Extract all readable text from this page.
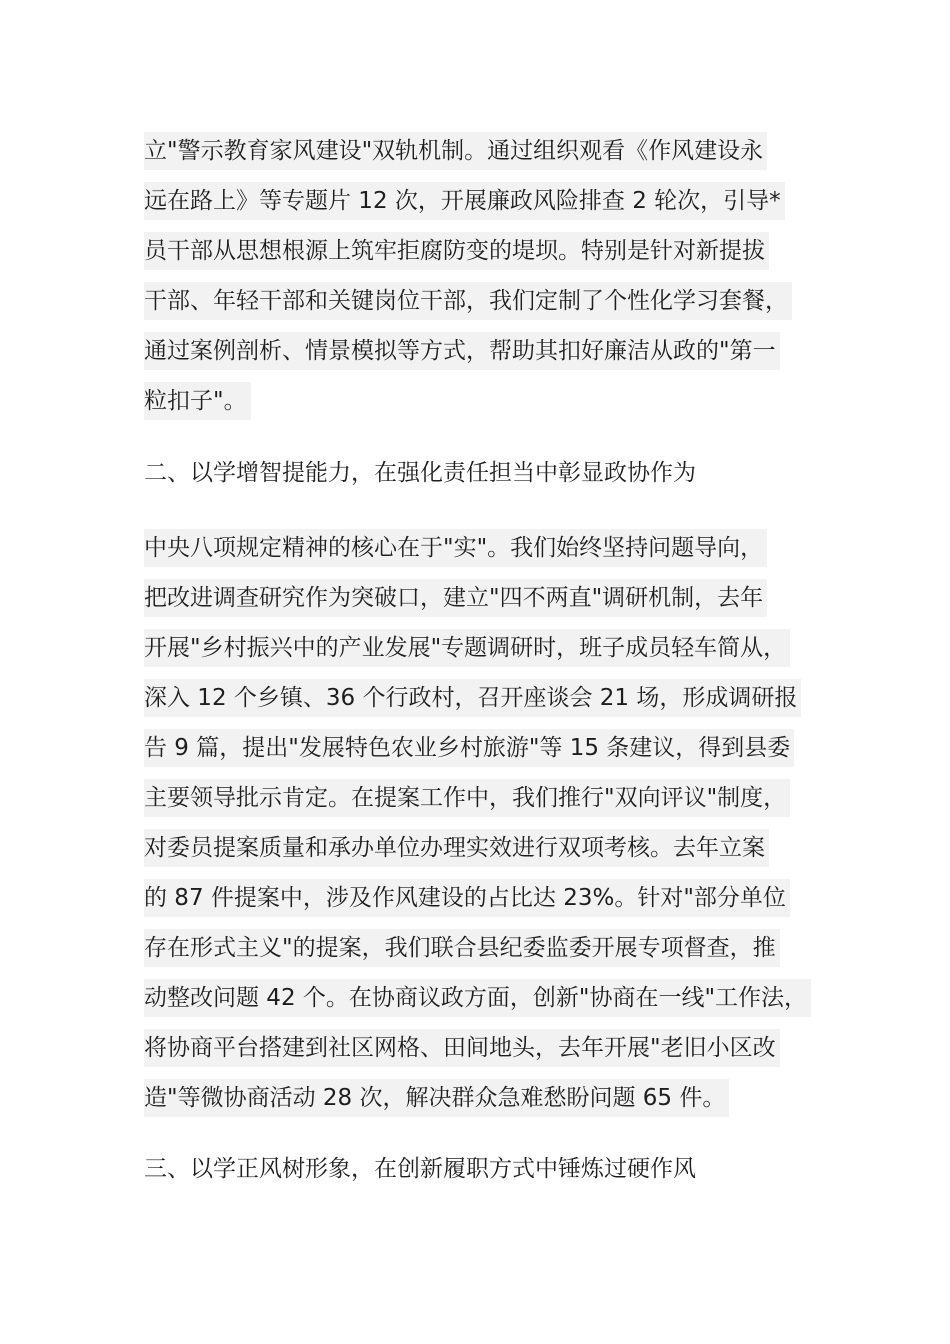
立"警示教育家风建设"双轨机制。通过组织观看《作风建设永
远在路上》等专题片 12 次，开展廉政风险排查 2 轮次，引导*
员干部从思想根源上筑牢拒腐防变的堤坝。特别是针对新提拔
干部、年轻干部和关键岗位干部，我们定制了个性化学习套餐，
通过案例剖析、情景模拟等方式，帮助其扣好廉洁从政的"第一
粒扣子"。
二、以学增智提能力，在强化责任担当中彰显政协作为
中央八项规定精神的核心在于"实"。我们始终坚持问题导向，
把改进调查研究作为突破口，建立"四不两直"调研机制，去年
开展"乡村振兴中的产业发展"专题调研时，班子成员轻车简从，
深入 12 个乡镇、36 个行政村，召开座谈会 21 场，形成调研报
告 9 篇，提出"发展特色农业乡村旅游"等 15 条建议，得到县委
主要领导批示肯定。在提案工作中，我们推行"双向评议"制度，
对委员提案质量和承办单位办理实效进行双项考核。去年立案
的 87 件提案中，涉及作风建设的占比达 23%。针对"部分单位
存在形式主义"的提案，我们联合县纪委监委开展专项督查，推
动整改问题 42 个。在协商议政方面，创新"协商在一线"工作法，
将协商平台搭建到社区网格、田间地头，去年开展"老旧小区改
造"等微协商活动 28 次，解决群众急难愁盼问题 65 件。
三、以学正风树形象，在创新履职方式中锤炼过硬作风
